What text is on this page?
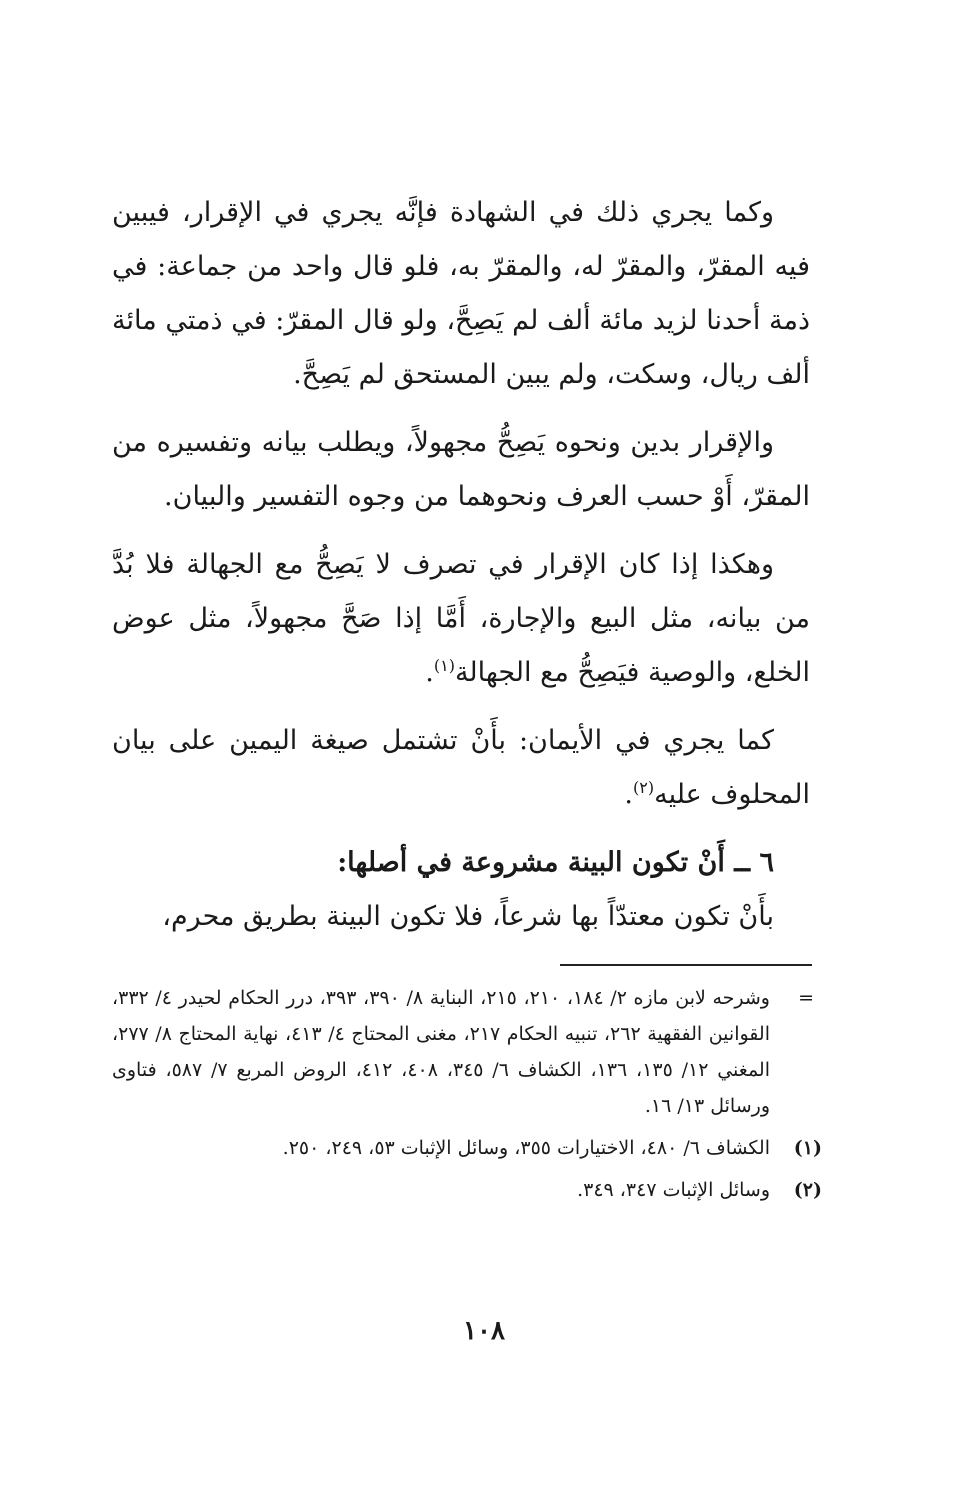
وكما يجري ذلك في الشهادة فإنَّه يجري في الإقرار، فيبين فيه المقرّ، والمقرّ له، والمقرّ به، فلو قال واحد من جماعة: في ذمة أحدنا لزيد مائة ألف لم يَصِحَّ، ولو قال المقرّ: في ذمتي مائة ألف ريال، وسكت، ولم يبين المستحق لم يَصِحَّ.

والإقرار بدين ونحوه يَصِحُّ مجهولاً، ويطلب بيانه وتفسيره من المقرّ، أَوْ حسب العرف ونحوهما من وجوه التفسير والبيان.

وهكذا إذا كان الإقرار في تصرف لا يَصِحُّ مع الجهالة فلا بُدَّ من بيانه، مثل البيع والإجارة، أَمَّا إذا صَحَّ مجهولاً، مثل عوض الخلع، والوصية فيَصِحُّ مع الجهالة$^{(١)}$.

كما يجري في الأيمان: بأَنْ تشتمل صيغة اليمين على بيان المحلوف عليه$^{(٢)}$.

٦ ــ أَنْ تكون البينة مشروعة في أصلها:

بأَنْ تكون معتدّاً بها شرعاً، فلا تكون البينة بطريق محرم،

=
وشرحه لابن مازه ٢/ ١٨٤، ٢١٠، ٢١٥، البناية ٨/ ٣٩٠، ٣٩٣، درر الحكام لحيدر ٤/ ٣٣٢، القوانين الفقهية ٢٦٢، تنبيه الحكام ٢١٧، مغنى المحتاج ٤/ ٤١٣، نهاية المحتاج ٨/ ٢٧٧، المغني ١٢/ ١٣٥، ١٣٦، الكشاف ٦/ ٣٤٥، ٤٠٨، ٤١٢، الروض المربع ٧/ ٥٨٧، فتاوى ورسائل ١٣/ ١٦.

(١)
الكشاف ٦/ ٤٨٠، الاختيارات ٣٥٥، وسائل الإثبات ٥٣، ٢٤٩، ٢٥٠.
(٢)
وسائل الإثبات ٣٤٧، ٣٤٩.
١٠٨
